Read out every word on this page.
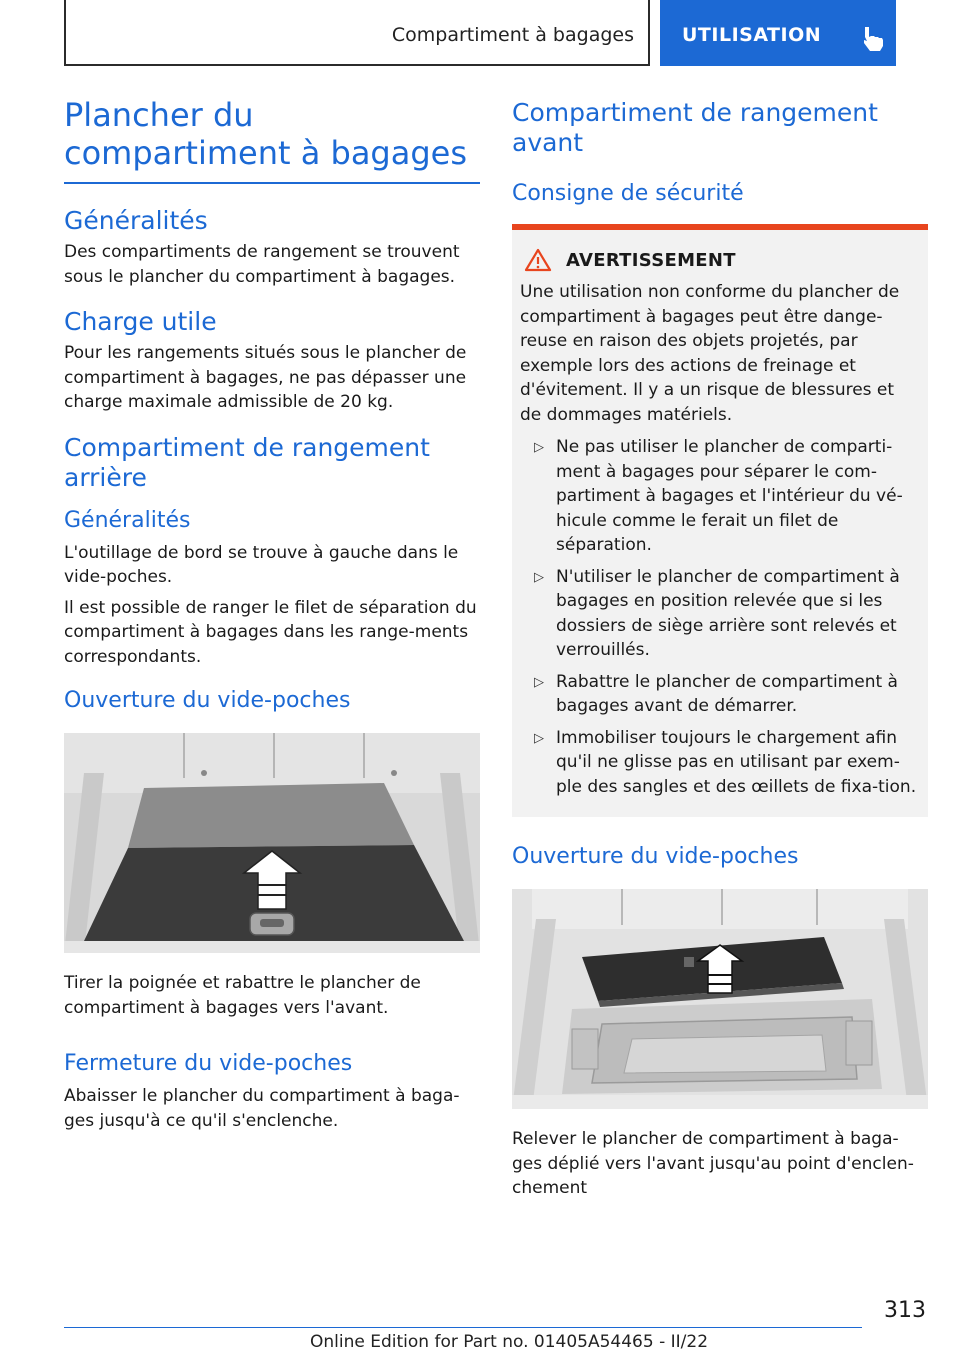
Compartiment à bagages	UTILISATION
Plancher du compartiment à bagages
Généralités

Des compartiments de rangement se trouvent sous le plancher du compartiment à bagages.

Charge utile

Pour les rangements situés sous le plancher de compartiment à bagages, ne pas dépasser une charge maximale admissible de 20 kg.

Compartiment de rangement arrière
Généralités

L'outillage de bord se trouve à gauche dans le vide-poches.

Il est possible de ranger le filet de séparation du compartiment à bagages dans les range-ments correspondants.

Ouverture du vide-poches

Tirer la poignée et rabattre le plancher de compartiment à bagages vers l'avant.

Fermeture du vide-poches

Abaisser le plancher du compartiment à baga-ges jusqu'à ce qu'il s'enclenche.

Compartiment de rangement avant
Consigne de sécurité
AVERTISSEMENT

Une utilisation non conforme du plancher de compartiment à bagages peut être dange-reuse en raison des objets projetés, par exemple lors des actions de freinage et d'évitement. Il y a un risque de blessures et de dommages matériels.

▷ Ne pas utiliser le plancher de comparti-ment à bagages pour séparer le com-partiment à bagages et l'intérieur du vé-hicule comme le ferait un filet de séparation.
▷ N'utiliser le plancher de compartiment à bagages en position relevée que si les dossiers de siège arrière sont relevés et verrouillés.
▷ Rabattre le plancher de compartiment à bagages avant de démarrer.
▷ Immobiliser toujours le chargement afin qu'il ne glisse pas en utilisant par exem-ple des sangles et des œillets de fixa-tion.
Ouverture du vide-poches

Relever le plancher de compartiment à baga-ges déplié vers l'avant jusqu'au point d'enclen-chement

313
Online Edition for Part no. 01405A54465 - II/22
